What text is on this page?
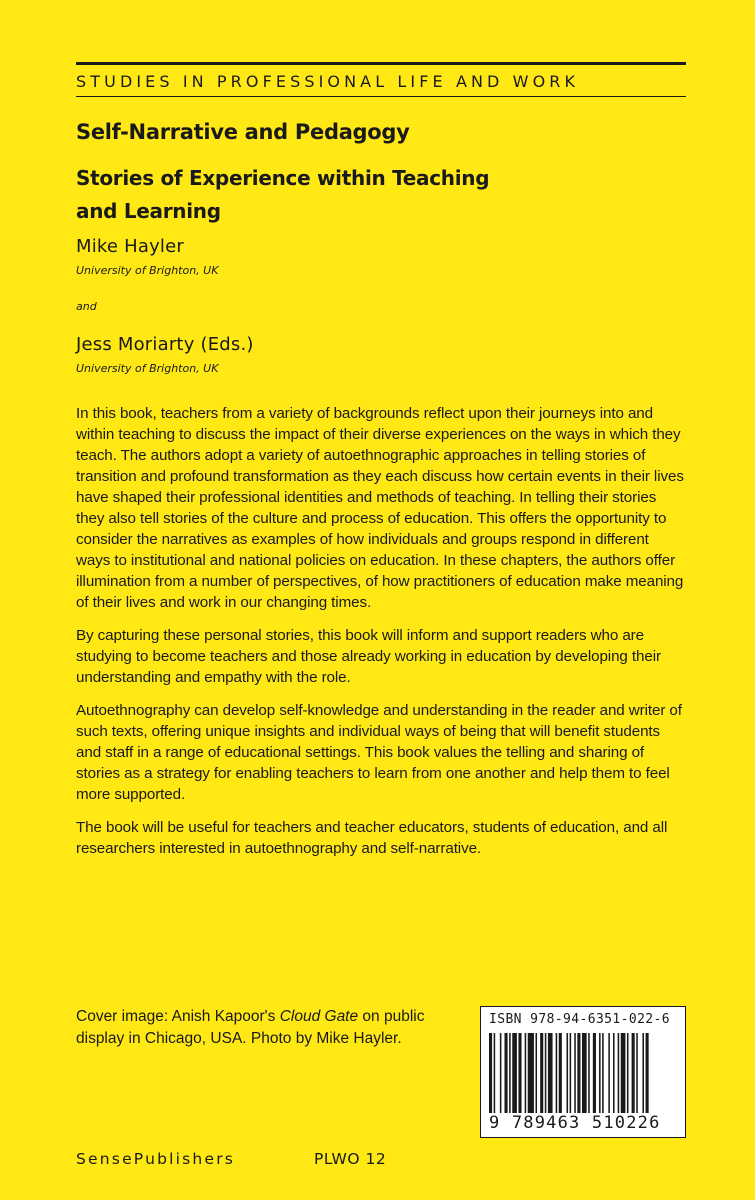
STUDIES IN PROFESSIONAL LIFE AND WORK
Self-Narrative and Pedagogy
Stories of Experience within Teaching
and Learning
Mike Hayler
University of Brighton, UK
and
Jess Moriarty (Eds.)
University of Brighton, UK

In this book, teachers from a variety of backgrounds reflect upon their journeys into and within teaching to discuss the impact of their diverse experiences on the ways in which they teach. The authors adopt a variety of autoethnographic approaches in telling stories of transition and profound transformation as they each discuss how certain events in their lives have shaped their professional identities and methods of teaching. In telling their stories they also tell stories of the culture and process of education. This offers the opportunity to consider the narratives as examples of how individuals and groups respond in different ways to institutional and national policies on education. In these chapters, the authors offer illumination from a number of perspectives, of how practitioners of education make meaning of their lives and work in our changing times.

By capturing these personal stories, this book will inform and support readers who are studying to become teachers and those already working in education by developing their understanding and empathy with the role.

Autoethnography can develop self-knowledge and understanding in the reader and writer of such texts, offering unique insights and individual ways of being that will benefit students and staff in a range of educational settings. This book values the telling and sharing of stories as a strategy for enabling teachers to learn from one another and help them to feel more supported.

The book will be useful for teachers and teacher educators, students of education, and all researchers interested in autoethnography and self-narrative.

Cover image: Anish Kapoor's Cloud Gate on public display in Chicago, USA. Photo by Mike Hayler.
ISBN 978-94-6351-022-6
9 789463 510226
SensePublishers	PLWO 12
